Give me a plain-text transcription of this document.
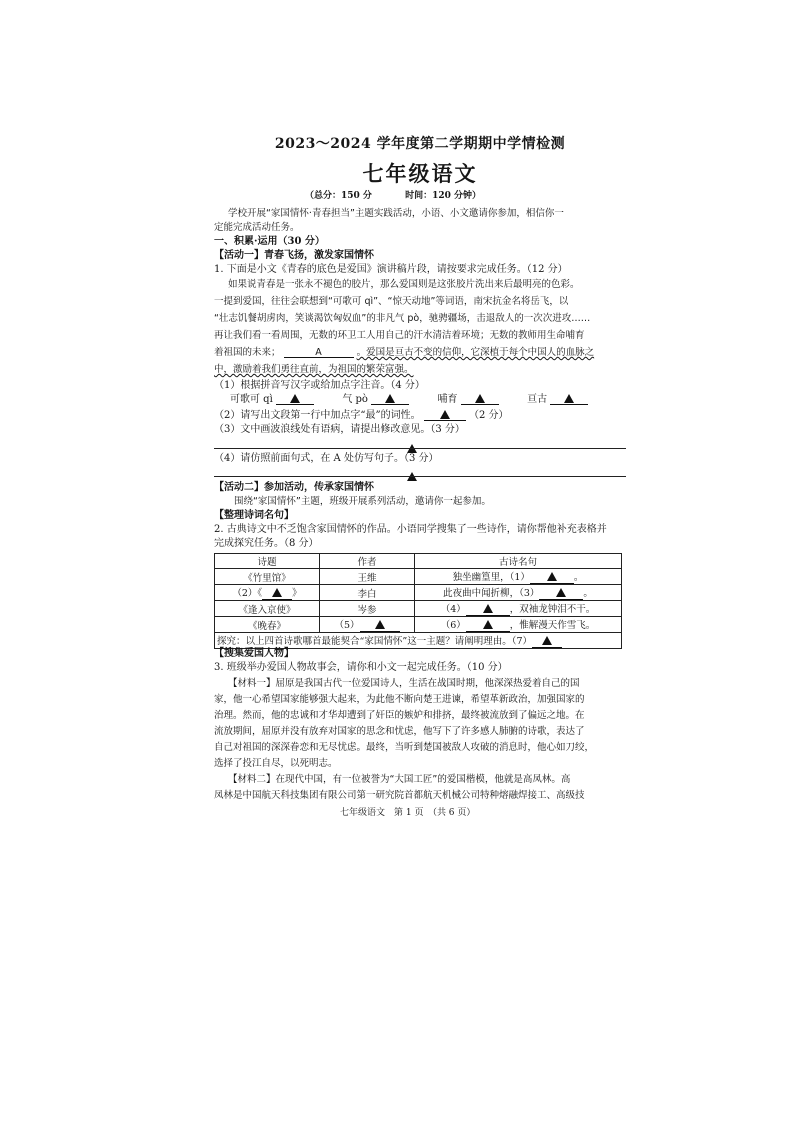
2023～2024 学年度第二学期期中学情检测
七年级语文
（总分：150 分	时间：120 分钟）
学校开展“家国情怀·青春担当”主题实践活动，小语、小文邀请你参加，相信你一
定能完成活动任务。
一、积累·运用（30 分）
【活动一】青春飞扬，激发家国情怀
1. 下面是小文《青春的底色是爱国》演讲稿片段，请按要求完成任务。（12 分）
如果说青春是一张永不褪色的胶片，那么爱国则是这张胶片洗出来后最明亮的色彩。
一提到爱国，往往会联想到“可歌可 qì”、“惊天动地”等词语，南宋抗金名将岳飞，以
“壮志饥餐胡虏肉，笑谈渴饮匈奴血”的非凡气 pò，驰骋疆场，击退敌人的一次次进攻……
再让我们看一看周围，无数的环卫工人用自己的汗水清洁着环境；无数的教师用生命哺育
着祖国的未来；	A	。爱国是亘古不变的信仰，它深植于每个中国人的血脉之
中，激励着我们勇往直前，为祖国的繁荣富强。
（1）根据拼音写汉字或给加点字注音。（4 分）
可歌可 qì	气 pò	哺育	亘古
（2）请写出文段第一行中加点字“最”的词性。	（2 分）
（3）文中画波浪线处有语病，请提出修改意见。（3 分）
（4）请仿照前面句式，在 A 处仿写句子。（3 分）
【活动二】参加活动，传承家国情怀
围绕“家国情怀”主题，班级开展系列活动，邀请你一起参加。
【整理诗词名句】
2. 古典诗文中不乏饱含家国情怀的作品。小语同学搜集了一些诗作，请你帮他补充表格并
完成探究任务。（8 分）
诗题	作者	古诗名句
《竹里馆》	王维	独坐幽篁里，（1） 。
（2）《 》	李白	此夜曲中闻折柳，（3） 。
《逢入京使》	岑参	（4） ，双袖龙钟泪不干。
《晚春》	（5）	（6） ，惟解漫天作雪飞。
探究：以上四首诗歌哪首最能契合“家国情怀”这一主题？请阐明理由。（7）		
【搜集爱国人物】
3. 班级举办爱国人物故事会，请你和小文一起完成任务。（10 分）
【材料一】屈原是我国古代一位爱国诗人，生活在战国时期，他深深热爱着自己的国
家，他一心希望国家能够强大起来，为此他不断向楚王进谏，希望革新政治，加强国家的
治理。然而，他的忠诚和才华却遭到了奸臣的嫉妒和排挤，最终被流放到了偏远之地。在
流放期间，屈原并没有放弃对国家的思念和忧虑，他写下了许多感人肺腑的诗歌，表达了
自己对祖国的深深眷恋和无尽忧虑。最终，当听到楚国被敌人攻破的消息时，他心如刀绞，
选择了投江自尽，以死明志。
【材料二】在现代中国，有一位被誉为“大国工匠”的爱国楷模，他就是高凤林。高
凤林是中国航天科技集团有限公司第一研究院首都航天机械公司特种熔融焊接工、高级技
七年级语文　第 1 页　（共 6 页）
